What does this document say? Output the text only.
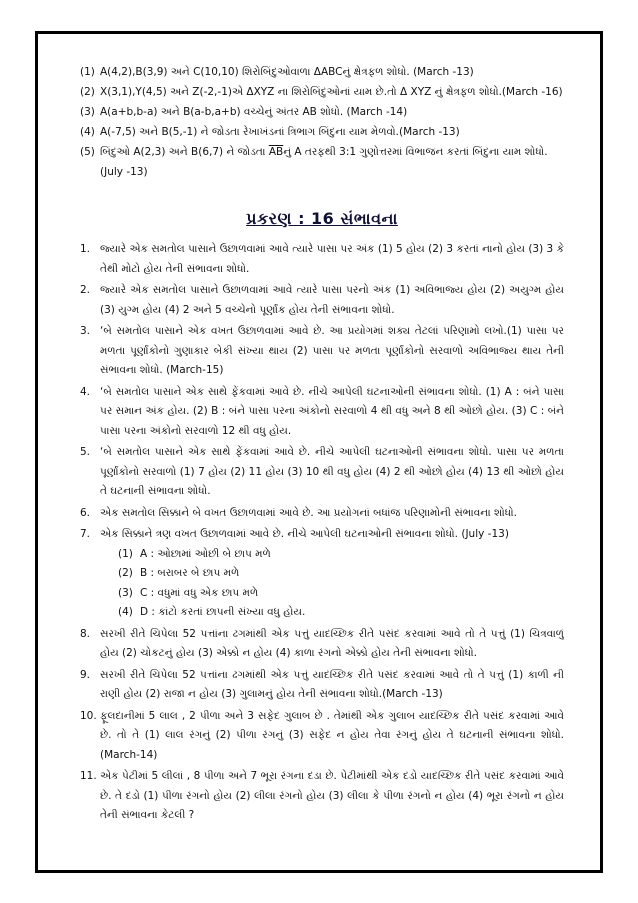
(1) A(4,2),B(3,9) અને C(10,10) શિરોબિંદુઓવાળા ΔABCનું ક્ષેત્રફળ શોધો. (March -13)
(2) X(3,1),Y(4,5) અને Z(-2,-1)એ ΔXYZ ના શિરોબિંદુઓનાં યામ છે.તો Δ XYZ નું ક્ષેત્રફળ શોધો.(March -16)
(3) A(a+b,b-a) અને B(a-b,a+b) વચ્ચેનું અંતર AB શોધો. (March -14)
(4) A(-7,5) અને B(5,-1) ને જોડતા રેખાખંડનાં ત્રિભાગ બિંદુના યામ મેળવો.(March -13)
(5) બિંદુઓ A(2,3) અને B(6,7) ને જોડતા $\overline{AB}નું$ A તરફથી 3:1 ગુણોત્તરમાં વિભાજન કરતાં બિંદુના યામ શોધો. (July -13)
પ્રકરણ : 16 સંભાવના
1. જ્યારે એક સમતોલ પાસાને ઉછાળવામાં આવે ત્યારે પાસા પર અંક (1) 5 હોય (2) 3 કરતાં નાનો હોય (3) 3 કે તેથી મોટો હોય તેની સંભાવના શોધો.
2. જ્યારે એક સમતોલ પાસાને ઉછાળવામાં આવે ત્યારે પાસા પરનો અંક (1) અવિભાજ્ય હોય (2) અયુગ્મ હોય (3) યુગ્મ હોય (4) 2 અને 5 વચ્ચેનો પૂર્ણાંક હોય તેની સંભાવના શોધો.
3. ‘બે સમતોલ પાસાને એક વખત ઉછાળવામાં આવે છે. આ પ્રયોગમાં શક્ય તેટલાં પરિણામો લખો.(1) પાસા પર મળતા પૂર્ણાંકોનો ગુણાકાર બેકી સંખ્યા થાય (2) પાસા પર મળતા પૂર્ણાંકોનો સરવાળો અવિભાજ્ય થાય તેની સંભાવના શોધો. (March-15)
4. ‘બે સમતોલ પાસાને એક સાથે ફેંકવામાં આવે છે. નીચે આપેલી ઘટનાઓની સંભાવના શોધો. (1) A : બંને પાસા પર સમાન અંક હોય. (2) B : બંને પાસા પરના અંકોનો સરવાળો 4 થી વધુ અને 8 થી ઓછો હોય. (3) C : બંને પાસા પરના અંકોનો સરવાળો 12 થી વધુ હોય.
5. ‘બે સમતોલ પાસાને એક સાથે ફેંકવામાં આવે છે. નીચે આપેલી ઘટનાઓની સંભાવના શોધો. પાસા પર મળતા પૂર્ણાંકોનો સરવાળો (1) 7 હોય (2) 11 હોય (3) 10 થી વધુ હોય (4) 2 થી ઓછો હોય (4) 13 થી ઓછો હોય તે ઘટનાની સંભાવના શોધો.
6. એક સમતોલ સિક્કાને બે વખત ઉછાળવામાં આવે છે. આ પ્રયોગનાં બધાંજ પરિણામોની સંભાવના શોધો.
7. એક સિક્કાને ત્રણ વખત ઉછાળવામાં આવે છે. નીચે આપેલી ઘટનાઓની સંભાવના શોધો. (July -13)
(1) A : ઓછામાં ઓછી બે છાપ મળે
(2) B : બરાબર બે છાપ મળે
(3) C : વધુમાં વધુ એક છાપ મળે
(4) D : કાંટો કરતાં છાપની સંખ્યા વધુ હોય.
8. સરખી રીતે ચિપેલા 52 પત્તાંના ઢગમાંથી એક પત્તું યાદચ્છિક રીતે પસંદ કરવામાં આવે તો તે પત્તું (1) ચિત્રવાળું હોય (2) ચોકટનું હોય (3) એક્કો ન હોય (4) કાળા રંગનો એક્કો હોય તેની સંભાવના શોધો.
9. સરખી રીતે ચિપેલા 52 પત્તાંના ઢગમાંથી એક પત્તું યાદચ્છિક રીતે પસંદ કરવામાં આવે તો તે પત્તું (1) કાળી ની રાણી હોય (2) રાજા ન હોય (3) ગુલામનું હોય તેની સંભાવના શોધો.(March -13)
10. ફૂલદાનીમાં 5 લાલ , 2 પીળા અને 3 સફેદ ગુલાબ છે . તેમાંથી એક ગુલાબ યાદચ્છિક રીતે પસંદ કરવામાં આવે છે. તો તે (1) લાલ રંગનું (2) પીળા રંગનું (3) સફેદ ન હોય તેવા રંગનું હોય તે ઘટનાની સંભાવના શોધો. (March-14)
11. એક પેટીમાં 5 લીલાં , 8 પીળા અને 7 ભૂરા રંગના દડા છે. પેટીમાંથી એક દડો યાદચ્છિક રીતે પસંદ કરવામાં આવે છે. તે દડો (1) પીળા રંગનો હોય (2) લીલા રંગનો હોય (3) લીલા કે પીળા રંગનો ન હોય (4) ભૂરા રંગનો ન હોય તેની સંભાવના કેટલી ?
